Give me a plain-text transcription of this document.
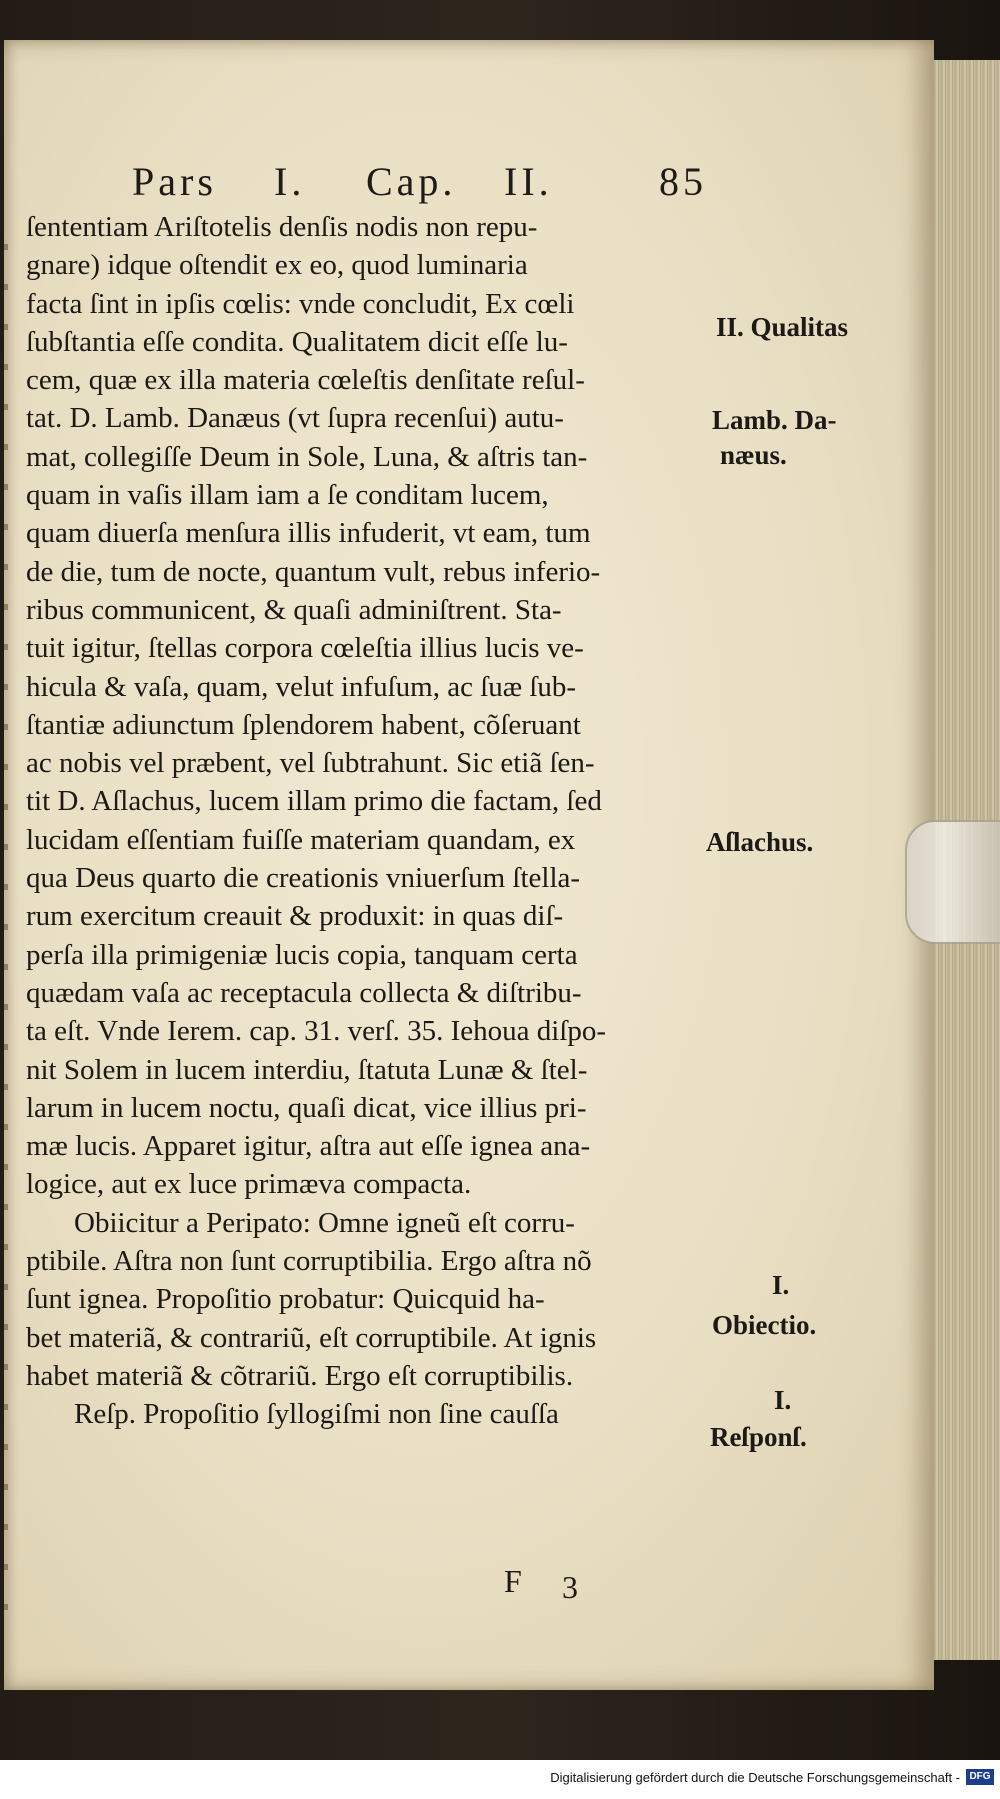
Pars I. Cap. II.	85
ſententiam Ariſtotelis denſis nodis non repu-
gnare) idque oſtendit ex eo, quod luminaria
facta ſint in ipſis cœlis: vnde concludit, Ex cœli
ſubſtantia eſſe condita. Qualitatem dicit eſſe lu-
cem, quæ ex illa materia cœleſtis denſitate reſul-
tat. D. Lamb. Danæus (vt ſupra recenſui) autu-
mat, collegiſſe Deum in Sole, Luna, & aſtris tan-
quam in vaſis illam iam a ſe conditam lucem,
quam diuerſa menſura illis infuderit, vt eam, tum
de die, tum de nocte, quantum vult, rebus inferio-
ribus communicent, & quaſi adminiſtrent. Sta-
tuit igitur, ſtellas corpora cœleſtia illius lucis ve-
hicula & vaſa, quam, velut infuſum, ac ſuæ ſub-
ſtantiæ adiunctum ſplendorem habent, cõſeruant
ac nobis vel præbent, vel ſubtrahunt. Sic etiã ſen-
tit D. Aſlachus, lucem illam primo die factam, ſed
lucidam eſſentiam fuiſſe materiam quandam, ex
qua Deus quarto die creationis vniuerſum ſtella-
rum exercitum creauit & produxit: in quas diſ-
perſa illa primigeniæ lucis copia, tanquam certa
quædam vaſa ac receptacula collecta & diſtribu-
ta eſt. Vnde Ierem. cap. 31. verſ. 35. Iehoua diſpo-
nit Solem in lucem interdiu, ſtatuta Lunæ & ſtel-
larum in lucem noctu, quaſi dicat, vice illius pri-
mæ lucis. Apparet igitur, aſtra aut eſſe ignea ana-
logice, aut ex luce primæva compacta.
Obiicitur a Peripato: Omne igneũ eſt corru-
ptibile. Aſtra non ſunt corruptibilia. Ergo aſtra nõ
ſunt ignea. Propoſitio probatur: Quicquid ha-
bet materiã, & contrariũ, eſt corruptibile. At ignis
habet materiã & cõtrariũ. Ergo eſt corruptibilis.
Reſp. Propoſitio ſyllogiſmi non ſine cauſſa
II. Qualitas
Lamb. Da-
næus.
Aſlachus.
I.
Obiectio.
I.
Reſponſ.
F 3
Digitalisierung gefördert durch die Deutsche Forschungsgemeinschaft - DFG
